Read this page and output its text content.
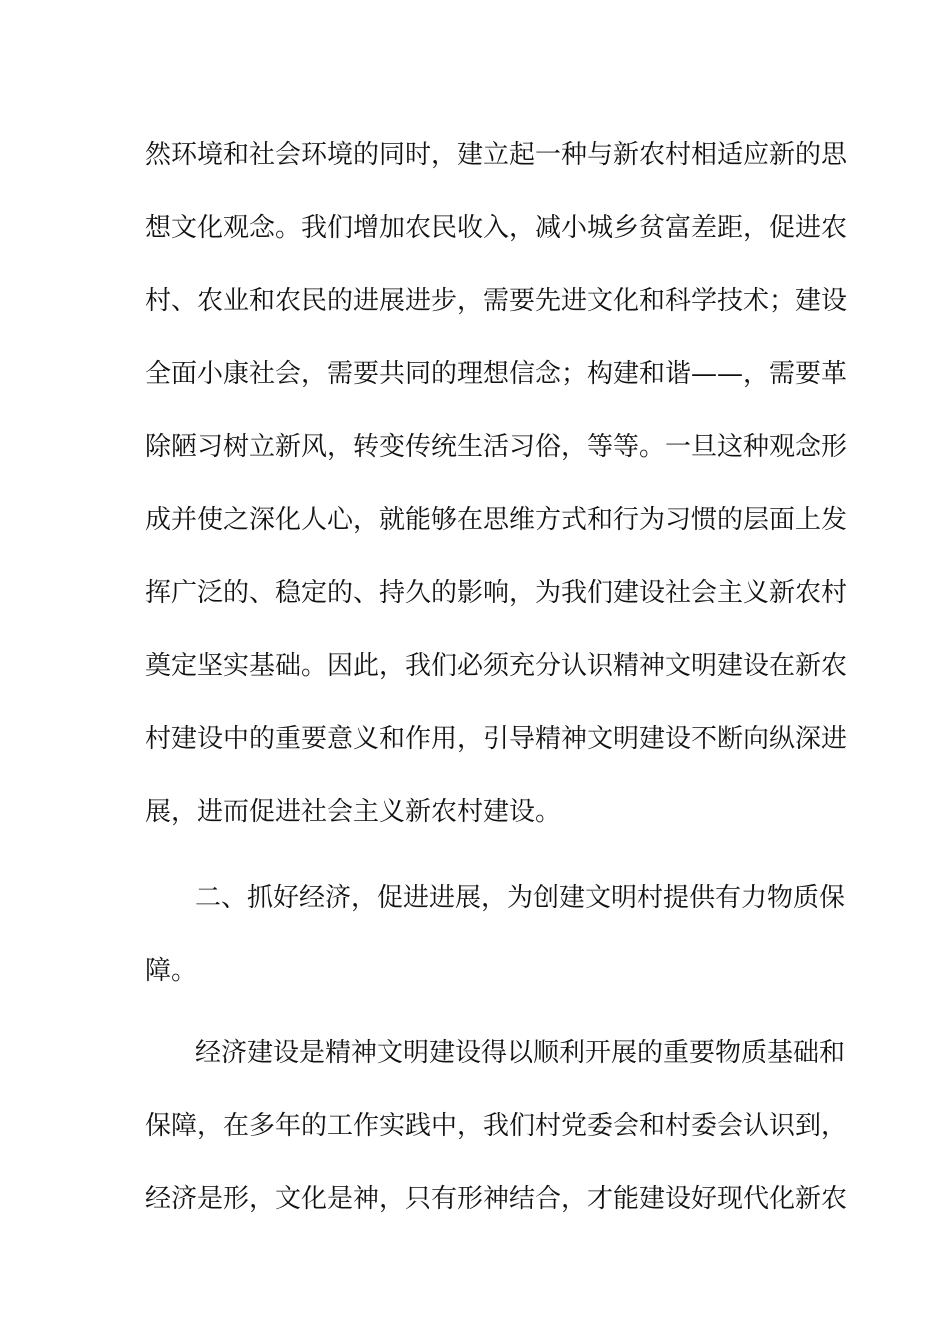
然环境和社会环境的同时，建立起一种与新农村相适应新的思
想文化观念。我们增加农民收入，减小城乡贫富差距，促进农
村、农业和农民的进展进步，需要先进文化和科学技术；建设
全面小康社会，需要共同的理想信念；构建和谐——，需要革
除陋习树立新风，转变传统生活习俗，等等。一旦这种观念形
成并使之深化人心，就能够在思维方式和行为习惯的层面上发
挥广泛的、稳定的、持久的影响，为我们建设社会主义新农村
奠定坚实基础。因此，我们必须充分认识精神文明建设在新农
村建设中的重要意义和作用，引导精神文明建设不断向纵深进
展，进而促进社会主义新农村建设。
二、抓好经济，促进进展，为创建文明村提供有力物质保
障。
经济建设是精神文明建设得以顺利开展的重要物质基础和
保障，在多年的工作实践中，我们村党委会和村委会认识到，
经济是形，文化是神，只有形神结合，才能建设好现代化新农
